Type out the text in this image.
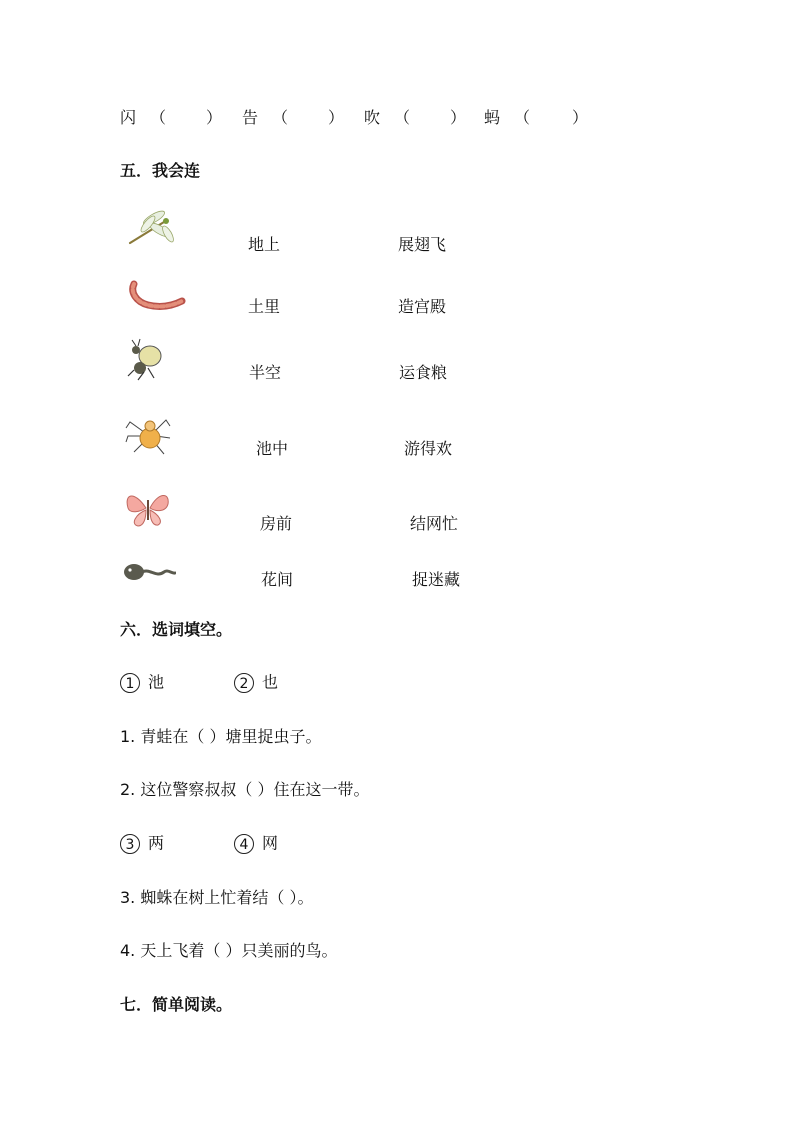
闪 （ ） 告 （ ） 吹 （ ） 蚂 （	）
五．我会连
地上	展翅飞
土里	造宫殿
半空	运食粮
池中	游得欢
房前	结网忙
花间	捉迷藏
六．选词填空。
1 池	2 也
1. 青蛙在（ ）塘里捉虫子。
2. 这位警察叔叔（ ）住在这一带。
3 两	4 网
3. 蜘蛛在树上忙着结（ ）。
4. 天上飞着（ ）只美丽的鸟。
七．简单阅读。
